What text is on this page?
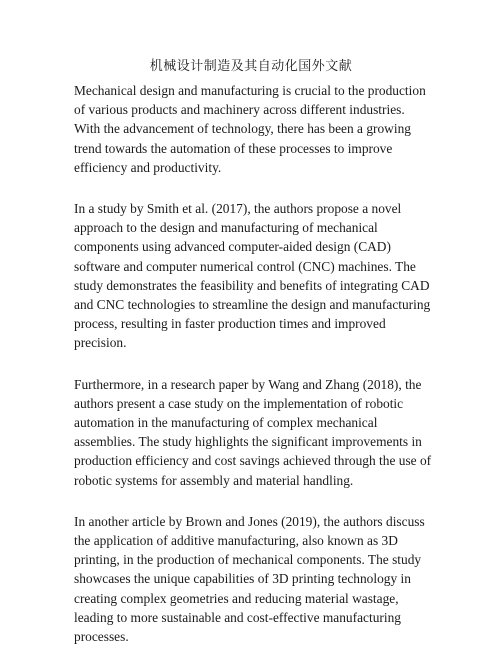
机械设计制造及其自动化国外文献

Mechanical design and manufacturing is crucial to the production of various products and machinery across different industries. With the advancement of technology, there has been a growing trend towards the automation of these processes to improve efficiency and productivity.

In a study by Smith et al. (2017), the authors propose a novel approach to the design and manufacturing of mechanical components using advanced computer-aided design (CAD) software and computer numerical control (CNC) machines. The study demonstrates the feasibility and benefits of integrating CAD and CNC technologies to streamline the design and manufacturing process, resulting in faster production times and improved precision.

Furthermore, in a research paper by Wang and Zhang (2018), the authors present a case study on the implementation of robotic automation in the manufacturing of complex mechanical assemblies. The study highlights the significant improvements in production efficiency and cost savings achieved through the use of robotic systems for assembly and material handling.

In another article by Brown and Jones (2019), the authors discuss the application of additive manufacturing, also known as 3D printing, in the production of mechanical components. The study showcases the unique capabilities of 3D printing technology in creating complex geometries and reducing material wastage, leading to more sustainable and cost-effective manufacturing processes.
